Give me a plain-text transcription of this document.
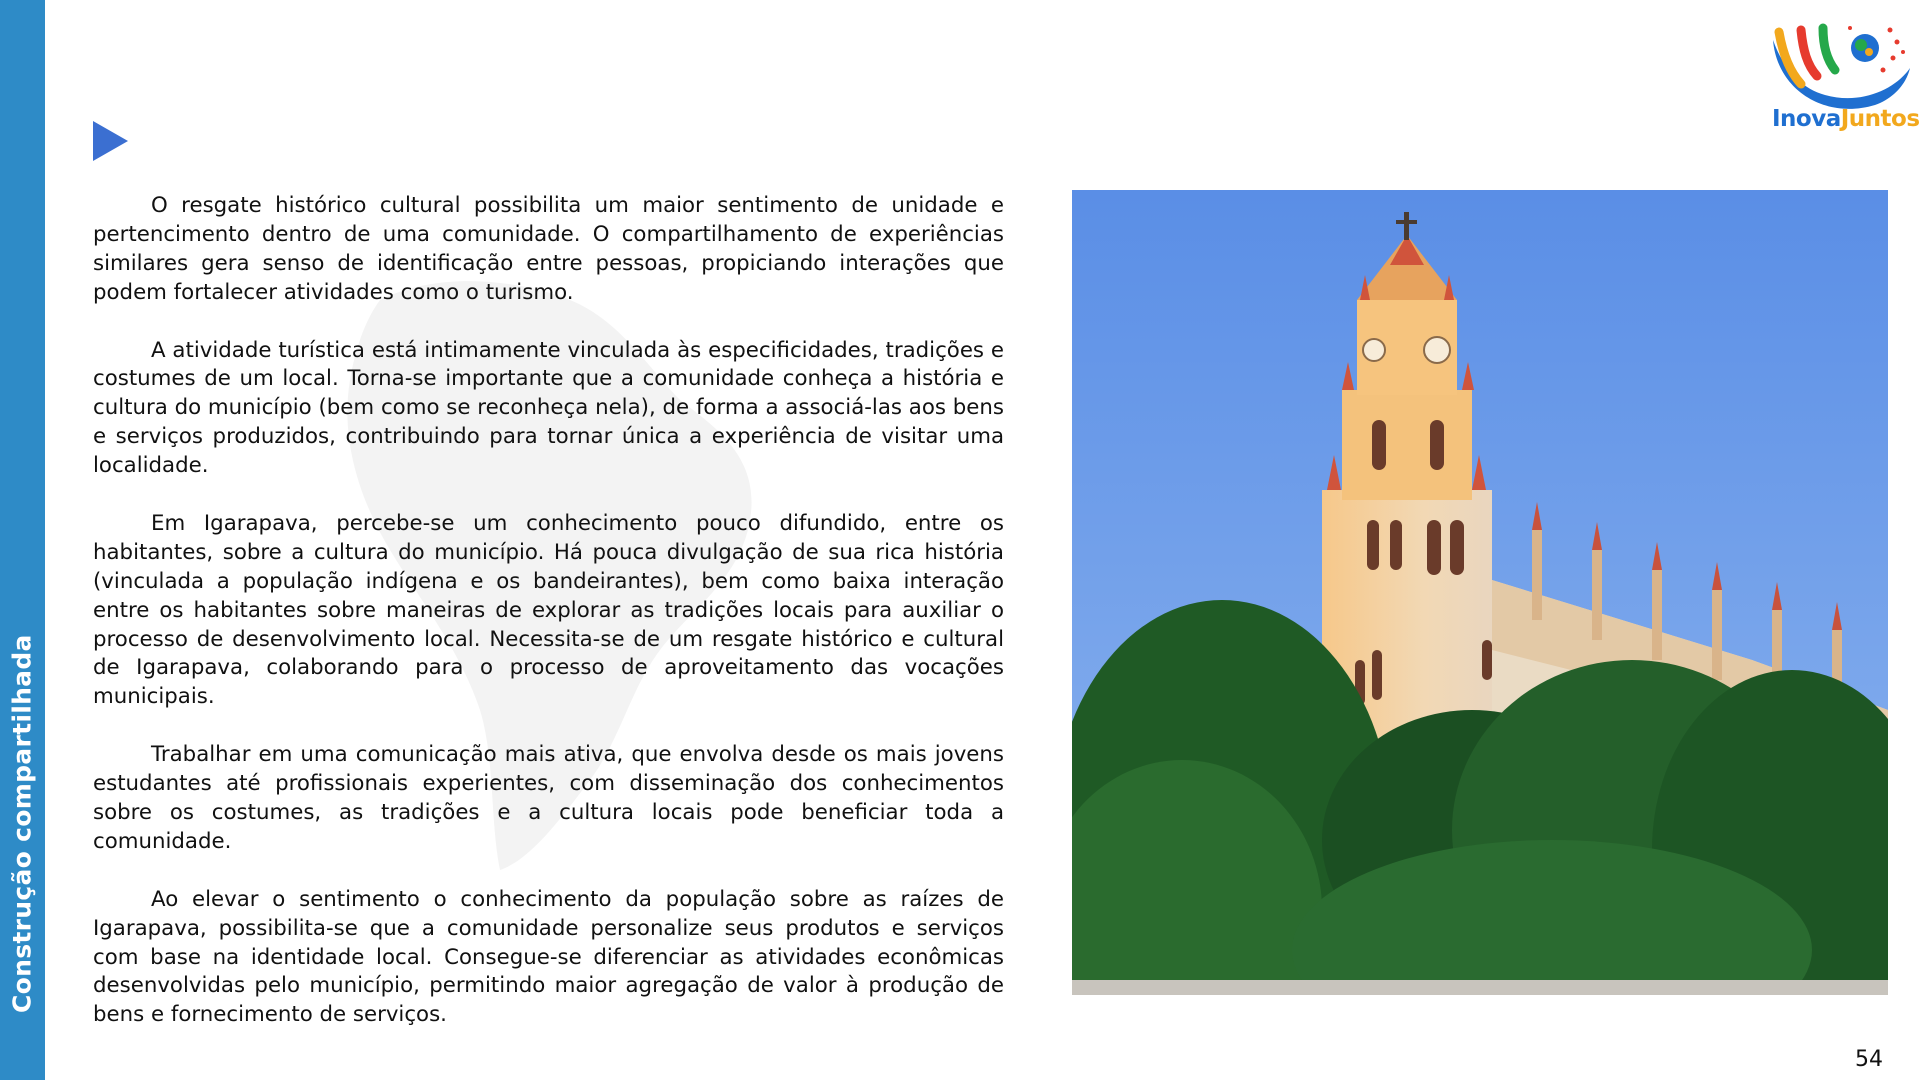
Construção compartilhada

O resgate histórico cultural possibilita um maior sentimento de unidade e pertencimento dentro de uma comunidade. O compartilhamento de experiências similares gera senso de identificação entre pessoas, propiciando interações que podem fortalecer atividades como o turismo.

A atividade turística está intimamente vinculada às especificidades, tradições e costumes de um local. Torna-se importante que a comunidade conheça a história e cultura do município (bem como se reconheça nela), de forma a associá-las aos bens e serviços produzidos, contribuindo para tornar única a experiência de visitar uma localidade.

Em Igarapava, percebe-se um conhecimento pouco difundido, entre os habitantes, sobre a cultura do município. Há pouca divulgação de sua rica história (vinculada a população indígena e os bandeirantes), bem como baixa interação entre os habitantes sobre maneiras de explorar as tradições locais para auxiliar o processo de desenvolvimento local. Necessita-se de um resgate histórico e cultural de Igarapava, colaborando para o processo de aproveitamento das vocações municipais.

Trabalhar em uma comunicação mais ativa, que envolva desde os mais jovens estudantes até profissionais experientes, com disseminação dos conhecimentos sobre os costumes, as tradições e a cultura locais pode beneficiar toda a comunidade.

Ao elevar o sentimento o conhecimento da população sobre as raízes de Igarapava, possibilita-se que a comunidade personalize seus produtos e serviços com base na identidade local. Consegue-se diferenciar as atividades econômicas desenvolvidas pelo município, permitindo maior agregação de valor à produção de bens e fornecimento de serviços.

InovaJuntos
54
